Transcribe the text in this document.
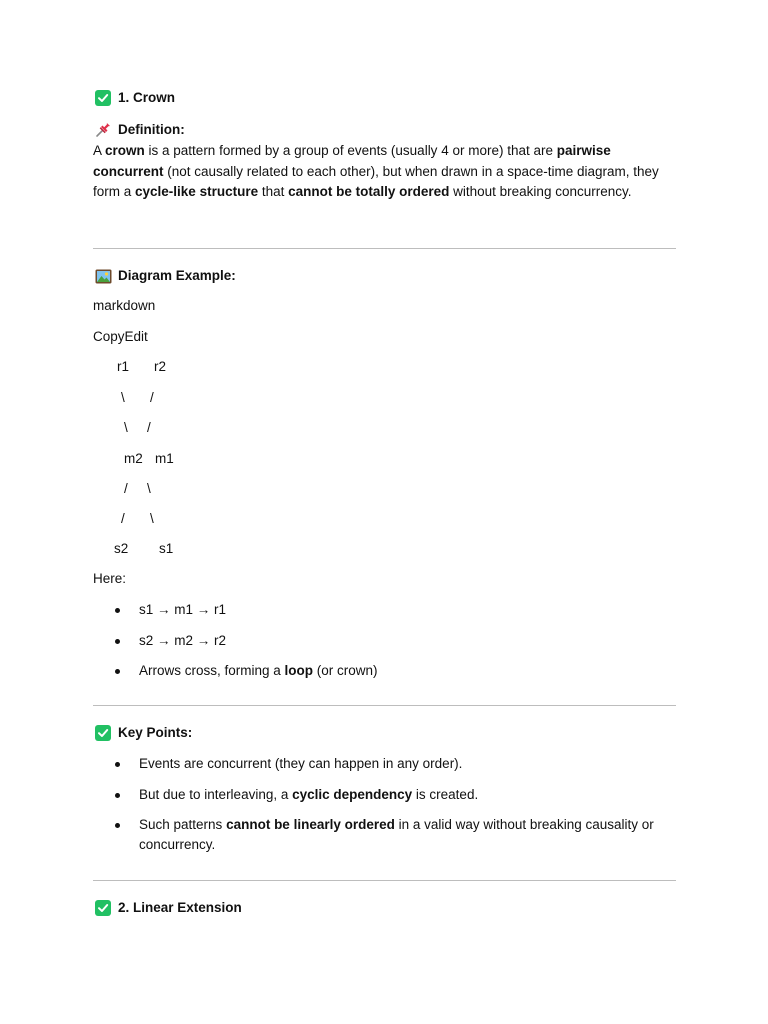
1. Crown
Definition:
A crown is a pattern formed by a group of events (usually 4 or more) that are pairwise concurrent (not causally related to each other), but when drawn in a space-time diagram, they form a cycle-like structure that cannot be totally ordered without breaking concurrency.
Diagram Example:
markdown
CopyEdit
r1 r2
\ /
\ /
m2 m1
/ \
/ \
s2 s1
Here:
s1 → m1 → r1
s2 → m2 → r2
Arrows cross, forming a loop (or crown)
Key Points:
Events are concurrent (they can happen in any order).
But due to interleaving, a cyclic dependency is created.
Such patterns cannot be linearly ordered in a valid way without breaking causality or concurrency.
2. Linear Extension
